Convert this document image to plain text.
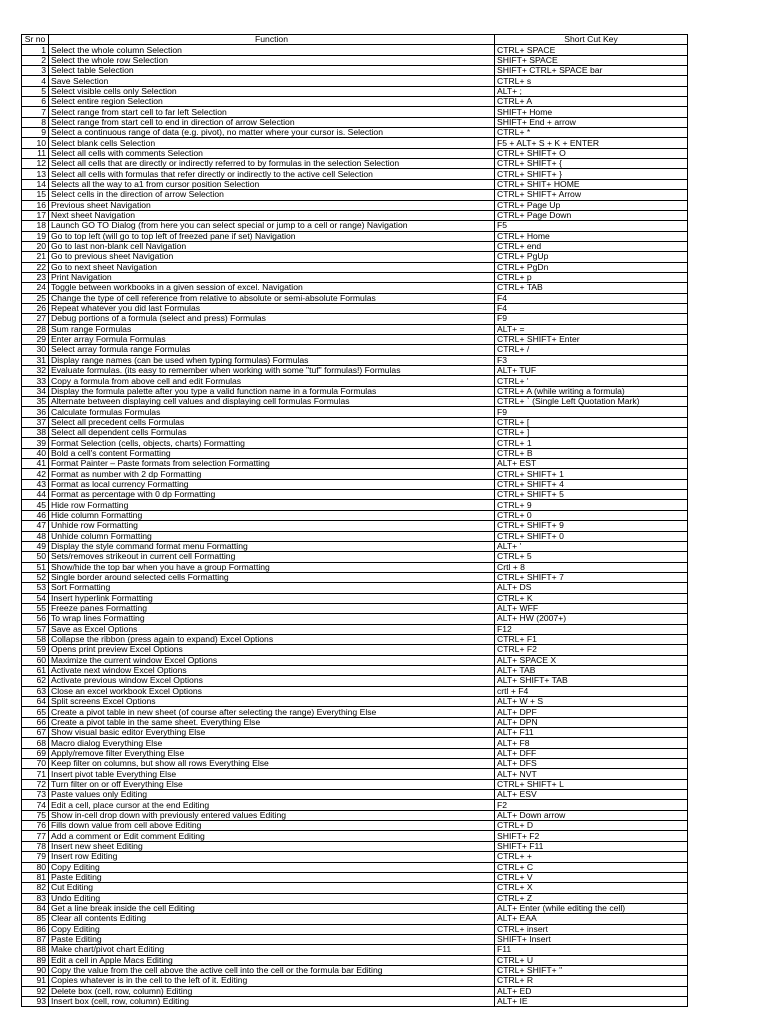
Sr no	Function	Short Cut Key
1	Select the whole column Selection	CTRL+ SPACE
2	Select the whole row Selection	SHIFT+ SPACE
3	Select table Selection	SHIFT+ CTRL+ SPACE bar
4	Save Selection	CTRL+ s
5	Select visible cells only Selection	ALT+ ;
6	Select entire region Selection	CTRL+ A
7	Select range from start cell to far left Selection	SHIFT+ Home
8	Select range from start cell to end in direction of arrow Selection	SHIFT+ End + arrow
9	Select a continuous range of data (e.g. pivot), no matter where your cursor is. Selection	CTRL+ *
10	Select blank cells Selection	F5 + ALT+ S + K + ENTER
11	Select all cells with comments Selection	CTRL+ SHIFT+ O
12	Select all cells that are directly or indirectly referred to by formulas in the selection Selection	CTRL+ SHIFT+ {
13	Select all cells with formulas that refer directly or indirectly to the active cell Selection	CTRL+ SHIFT+ }
14	Selects all the way to a1 from cursor position Selection	CTRL+ SHIT+ HOME
15	Select cells in the direction of arrow Selection	CTRL+ SHIFT+ Arrow
16	Previous sheet Navigation	CTRL+ Page Up
17	Next sheet Navigation	CTRL+ Page Down
18	Launch GO TO Dialog (from here you can select special or jump to a cell or range) Navigation	F5
19	Go to top left (will go to top left of freezed pane if set) Navigation	CTRL+ Home
20	Go to last non-blank cell Navigation	CTRL+ end
21	Go to previous sheet Navigation	CTRL+ PgUp
22	Go to next sheet Navigation	CTRL+ PgDn
23	Print Navigation	CTRL+ p
24	Toggle between workbooks in a given session of excel. Navigation	CTRL+ TAB
25	Change the type of cell reference from relative to absolute or semi-absolute Formulas	F4
26	Repeat whatever you did last Formulas	F4
27	Debug portions of a formula (select and press) Formulas	F9
28	Sum range Formulas	ALT+ =
29	Enter array Formula Formulas	CTRL+ SHIFT+ Enter
30	Select array formula range Formulas	CTRL+ /
31	Display range names (can be used when typing formulas) Formulas	F3
32	Evaluate formulas. (its easy to remember when working with some "tuf" formulas!) Formulas	ALT+ TUF
33	Copy a formula from above cell and edit Formulas	CTRL+ '
34	Display the formula palette after you type a valid function name in a formula Formulas	CTRL+ A (while writing a formula)
35	Alternate between displaying cell values and displaying cell formulas Formulas	CTRL+ ` (Single Left Quotation Mark)
36	Calculate formulas Formulas	F9
37	Select all precedent cells Formulas	CTRL+ [
38	Select all dependent cells Formulas	CTRL+ ]
39	Format Selection (cells, objects, charts) Formatting	CTRL+ 1
40	Bold a cell's content Formatting	CTRL+ B
41	Format Painter – Paste formats from selection Formatting	ALT+ EST
42	Format as number with 2 dp Formatting	CTRL+ SHIFT+ 1
43	Format as local currency Formatting	CTRL+ SHIFT+ 4
44	Format as percentage with 0 dp Formatting	CTRL+ SHIFT+ 5
45	Hide row Formatting	CTRL+ 9
46	Hide column Formatting	CTRL+ 0
47	Unhide row Formatting	CTRL+ SHIFT+ 9
48	Unhide column Formatting	CTRL+ SHIFT+ 0
49	Display the style command format menu Formatting	ALT+ '
50	Sets/removes strikeout in current cell Formatting	CTRL+ 5
51	Show/hide the top bar when you have a group Formatting	Crtl + 8
52	Single border around selected cells Formatting	CTRL+ SHIFT+ 7
53	Sort Formatting	ALT+ DS
54	Insert hyperlink Formatting	CTRL+ K
55	Freeze panes Formatting	ALT+ WFF
56	To wrap lines Formatting	ALT+ HW (2007+)
57	Save as Excel Options	F12
58	Collapse the ribbon (press again to expand) Excel Options	CTRL+ F1
59	Opens print preview Excel Options	CTRL+ F2
60	Maximize the current window Excel Options	ALT+ SPACE X
61	Activate next window Excel Options	ALT+ TAB
62	Activate previous window Excel Options	ALT+ SHIFT+ TAB
63	Close an excel workbook Excel Options	crtl + F4
64	Split screens Excel Options	ALT+ W + S
65	Create a pivot table in new sheet (of course after selecting the range) Everything Else	ALT+ DPF
66	Create a pivot table in the same sheet. Everything Else	ALT+ DPN
67	Show visual basic editor Everything Else	ALT+ F11
68	Macro dialog Everything Else	ALT+ F8
69	Apply/remove filter Everything Else	ALT+ DFF
70	Keep filter on columns, but show all rows Everything Else	ALT+ DFS
71	Insert pivot table Everything Else	ALT+ NVT
72	Turn filter on or off Everything Else	CTRL+ SHIFT+ L
73	Paste values only Editing	ALT+ ESV
74	Edit a cell, place cursor at the end Editing	F2
75	Show in-cell drop down with previously entered values Editing	ALT+ Down arrow
76	Fills down value from cell above Editing	CTRL+ D
77	Add a comment or Edit comment Editing	SHIFT+ F2
78	Insert new sheet Editing	SHIFT+ F11
79	Insert row Editing	CTRL+ +
80	Copy Editing	CTRL+ C
81	Paste Editing	CTRL+ V
82	Cut Editing	CTRL+ X
83	Undo Editing	CTRL+ Z
84	Get a line break inside the cell Editing	ALT+ Enter (while editing the cell)
85	Clear all contents Editing	ALT+ EAA
86	Copy Editing	CTRL+ insert
87	Paste Editing	SHIFT+ Insert
88	Make chart/pivot chart Editing	F11
89	Edit a cell in Apple Macs Editing	CTRL+ U
90	Copy the value from the cell above the active cell into the cell or the formula bar Editing	CTRL+ SHIFT+ "
91	Copies whatever is in the cell to the left of it. Editing	CTRL+ R
92	Delete box (cell, row, column) Editing	ALT+ ED
93	Insert box (cell, row, column) Editing	ALT+ IE
